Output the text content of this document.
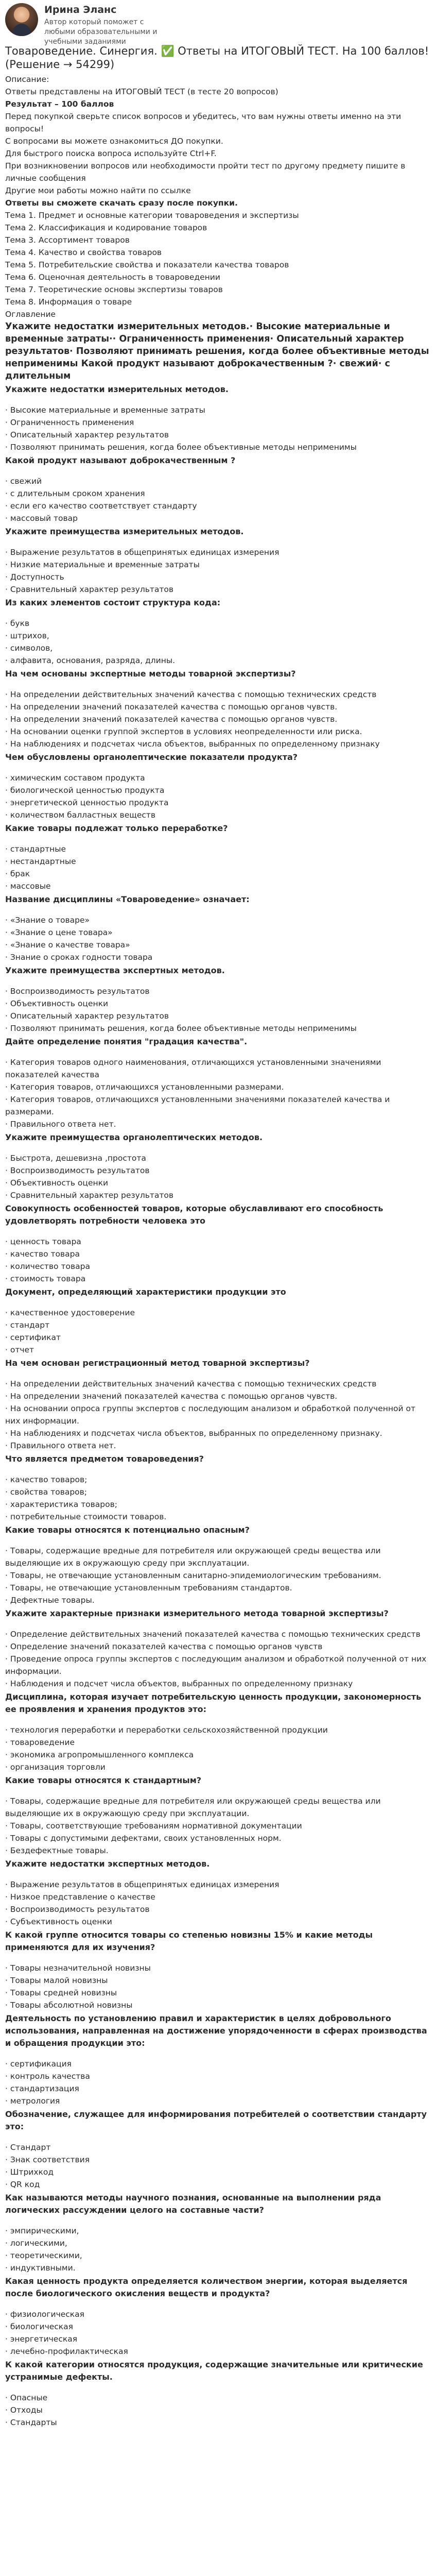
Ирина Эланс
Автор который поможет с любыми образовательными и учебными заданиями
Товароведение. Синергия. ✅ Ответы на ИТОГОВЫЙ ТЕСТ. На 100 баллов! (Решение → 54299)

Описание:

Ответы представлены на ИТОГОВЫЙ ТЕСТ (в тесте 20 вопросов)

Результат – 100 баллов

Перед покупкой сверьте список вопросов и убедитесь, что вам нужны ответы именно на эти вопросы!

С вопросами вы можете ознакомиться ДО покупки.

Для быстрого поиска вопроса используйте Ctrl+F.

При возникновении вопросов или необходимости пройти тест по другому предмету пишите в личные сообщения

Другие мои работы можно найти по ссылке

Ответы вы сможете скачать сразу после покупки.

Тема 1. Предмет и основные категории товароведения и экспертизы

Тема 2. Классификация и кодирование товаров

Тема 3. Ассортимент товаров

Тема 4. Качество и свойства товаров

Тема 5. Потребительские свойства и показатели качества товаров

Тема 6. Оценочная деятельность в товароведении

Тема 7. Теоретические основы экспертизы товаров

Тема 8. Информация о товаре

Оглавление

Укажите недостатки измерительных методов.· Высокие материальные и временные затраты·· Ограниченность применения· Описательный характер результатов· Позволяют принимать решения, когда более объективные методы неприменимы Какой продукт называют доброкачественным ?· свежий· с длительным

Укажите недостатки измерительных методов.

· Высокие материальные и временные затраты

· Ограниченность применения

· Описательный характер результатов

· Позволяют принимать решения, когда более объективные методы неприменимы

Какой продукт называют доброкачественным ?

· свежий

· с длительным сроком хранения

· если его качество соответствует стандарту

· массовый товар

Укажите преимущества измерительных методов.

· Выражение результатов в общепринятых единицах измерения

· Низкие материальные и временные затраты

· Доступность

· Сравнительный характер результатов

Из каких элементов состоит структура кода:

· букв

· штрихов,

· символов,

· алфавита, основания, разряда, длины.

На чем основаны экспертные методы товарной экспертизы?

· На определении действительных значений качества с помощью технических средств

· На определении значений показателей качества с помощью органов чувств.

· На определении значений показателей качества с помощью органов чувств.

· На основании оценки группой экспертов в условиях неопределенности или риска.

· На наблюдениях и подсчетах числа объектов, выбранных по определенному признаку

Чем обусловлены органолептические показатели продукта?

· химическим составом продукта

· биологической ценностью продукта

· энергетической ценностью продукта

· количеством балластных веществ

Какие товары подлежат только переработке?

· стандартные

· нестандартные

· брак

· массовые

Название дисциплины «Товароведение» означает:

· «Знание о товаре»

· «Знание о цене товара»

· «Знание о качестве товара»

· Знание о сроках годности товара

Укажите преимущества экспертных методов.

· Воспроизводимость результатов

· Объективность оценки

· Описательный характер результатов

· Позволяют принимать решения, когда более объективные методы неприменимы

Дайте определение понятия "градация качества".

· Категория товаров одного наименования, отличающихся установленными значениями показателей качества

· Категория товаров, отличающихся установленными размерами.

· Категория товаров, отличающихся установленными значениями показателей качества и размерами.

· Правильного ответа нет.

Укажите преимущества органолептических методов.

· Быстрота, дешевизна ,простота

· Воспроизводимость результатов

· Объективность оценки

· Сравнительный характер результатов

Совокупность особенностей товаров, которые обуславливают его способность удовлетворять потребности человека это

· ценность товара

· качество товара

· количество товара

· стоимость товара

Документ, определяющий характеристики продукции это

· качественное удостоверение

· стандарт

· сертификат

· отчет

На чем основан регистрационный метод товарной экспертизы?

· На определении действительных значений качества с помощью технических средств

· На определении значений показателей качества с помощью органов чувств.

· На основании опроса группы экспертов с последующим анализом и обработкой полученной от них информации.

· На наблюдениях и подсчетах числа объектов, выбранных по определенному признаку.

· Правильного ответа нет.

Что является предметом товароведения?

· качество товаров;

· свойства товаров;

· характеристика товаров;

· потребительные стоимости товаров.

Какие товары относятся к потенциально опасным?

· Товары, содержащие вредные для потребителя или окружающей среды вещества или выделяющие их в окружающую среду при эксплуатации.

· Товары, не отвечающие установленным санитарно-эпидемиологическим требованиям.

· Товары, не отвечающие установленным требованиям стандартов.

· Дефектные товары.

Укажите характерные признаки измерительного метода товарной экспертизы?

· Определение действительных значений показателей качества с помощью технических средств

· Определение значений показателей качества с помощью органов чувств

· Проведение опроса группы экспертов с последующим анализом и обработкой полученной от них информации.

· Наблюдения и подсчет числа объектов, выбранных по определенному признаку

Дисциплина, которая изучает потребительскую ценность продукции, закономерность ее проявления и хранения продуктов это:

· технология переработки и переработки сельскохозяйственной продукции

· товароведение

· экономика агропромышленного комплекса

· организация торговли

Какие товары относятся к стандартным?

· Товары, содержащие вредные для потребителя или окружающей среды вещества или выделяющие их в окружающую среду при эксплуатации.

· Товары, соответствующие требованиям нормативной документации

· Товары с допустимыми дефектами, своих установленных норм.

· Бездефектные товары.

Укажите недостатки экспертных методов.

· Выражение результатов в общепринятых единицах измерения

· Низкое представление о качестве

· Воспроизводимость результатов

· Субъективность оценки

К какой группе относится товары со степенью новизны 15% и какие методы применяются для их изучения?

· Товары незначительной новизны

· Товары малой новизны

· Товары средней новизны

· Товары абсолютной новизны

Деятельность по установлению правил и характеристик в целях добровольного использования, направленная на достижение упорядоченности в сферах производства и обращения продукции это:

· сертификация

· контроль качества

· стандартизация

· метрология

Обозначение, служащее для информирования потребителей о соответствии стандарту это:

· Стандарт

· Знак соответствия

· Штрихкод

· QR код

Как называются методы научного познания, основанные на выполнении ряда логических рассуждении целого на составные части?

· эмпирическими,

· логическими,

· теоретическими,

· индуктивными.

Какая ценность продукта определяется количеством энергии, которая выделяется после биологического окисления веществ и продукта?

· физиологическая

· биологическая

· энергетическая

· лечебно-профилактическая

К какой категории относятся продукция, содержащие значительные или критические устранимые дефекты.

· Опасные

· Отходы

· Стандарты
